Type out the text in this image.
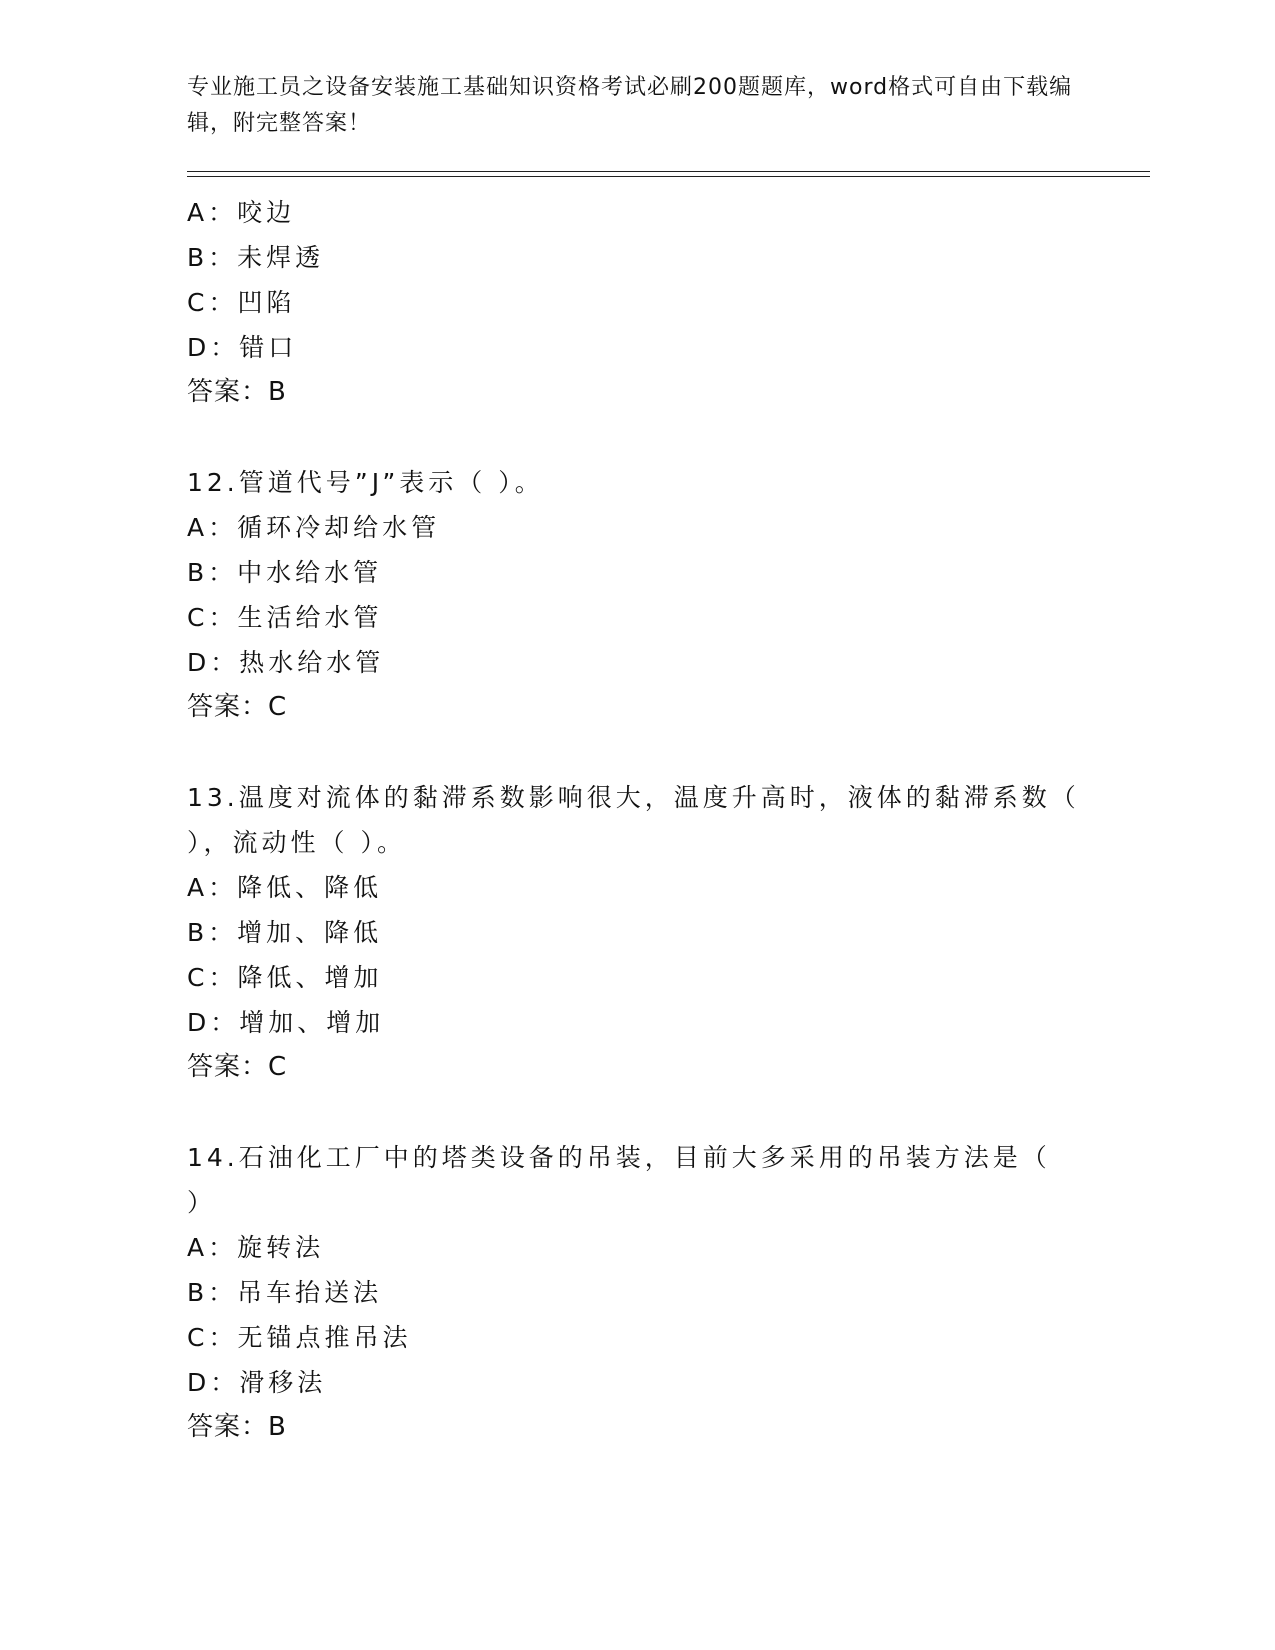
专业施工员之设备安装施工基础知识资格考试必刷200题题库，word格式可自由下载编辑，附完整答案！
A：咬边
B：未焊透
C：凹陷
D：错口
答案：B
12.管道代号”J”表示（ ）。
A：循环冷却给水管
B：中水给水管
C：生活给水管
D：热水给水管
答案：C
13.温度对流体的黏滞系数影响很大，温度升高时，液体的黏滞系数（
），流动性（ ）。
A：降低、降低
B：增加、降低
C：降低、增加
D：增加、增加
答案：C
14.石油化工厂中的塔类设备的吊装，目前大多采用的吊装方法是（
）
A：旋转法
B：吊车抬送法
C：无锚点推吊法
D：滑移法
答案：B
